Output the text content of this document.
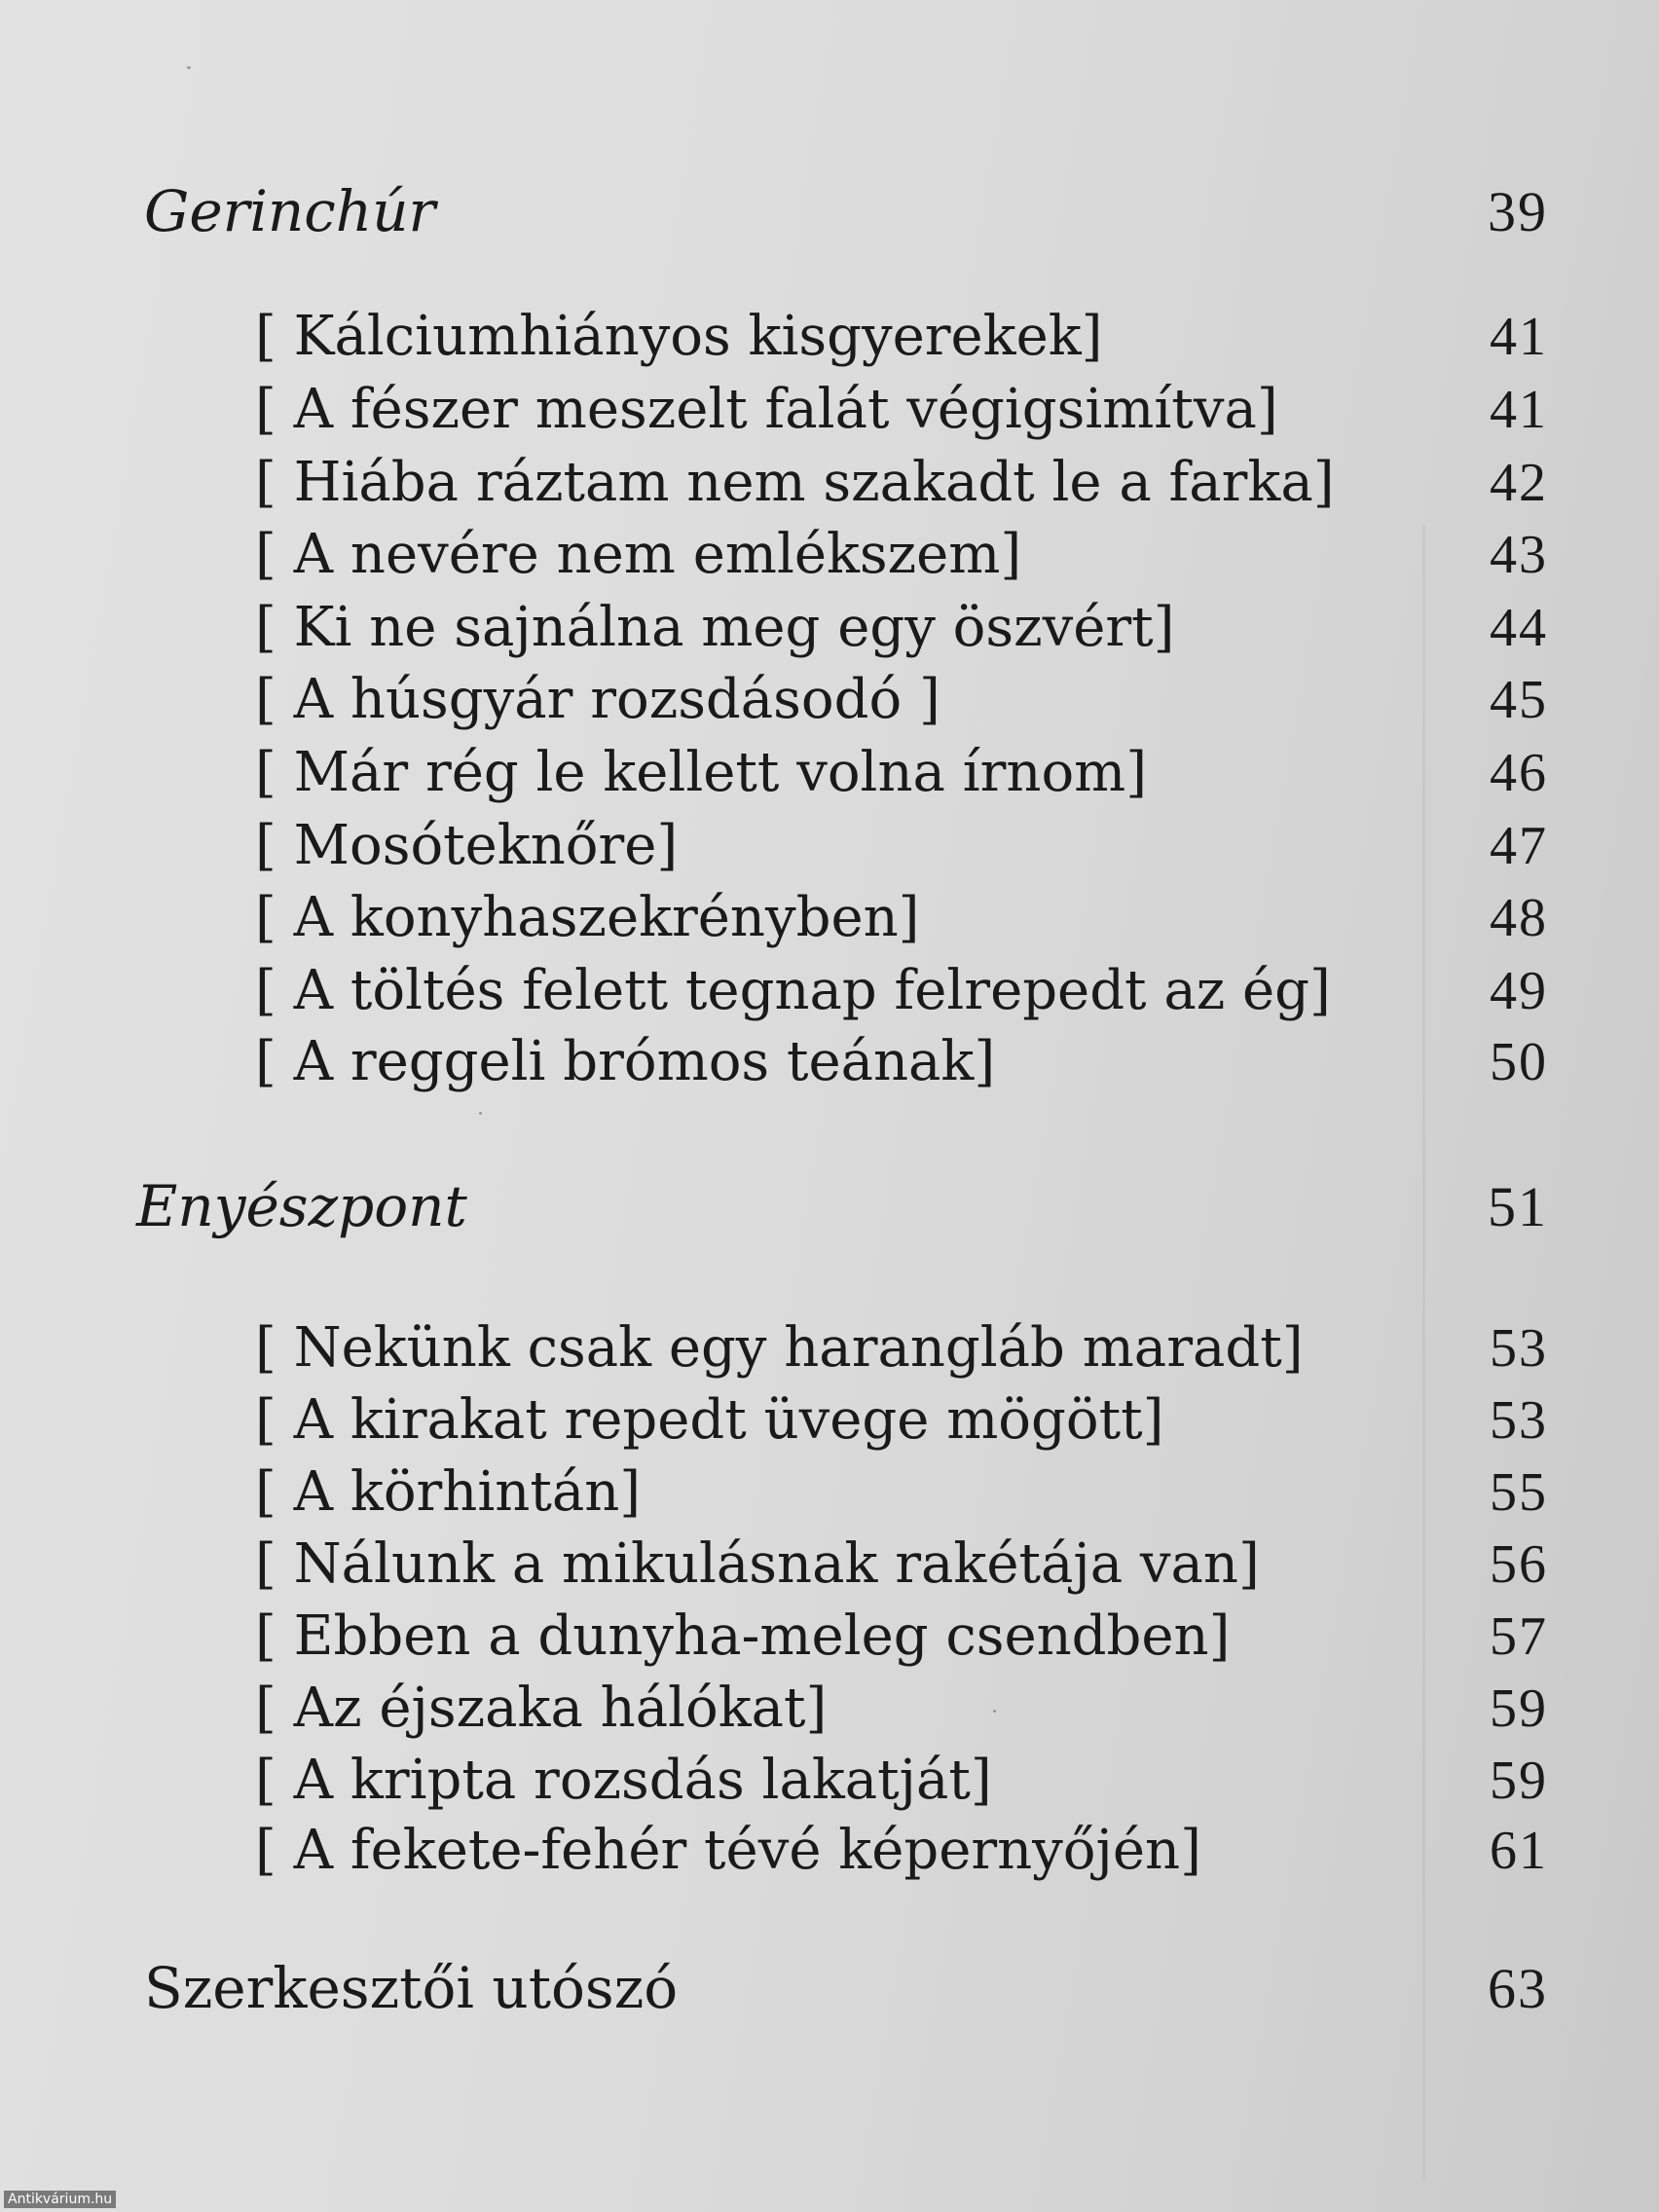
Gerinchúr	39
[ Kálciumhiányos kisgyerekek]	41
[ A fészer meszelt falát végigsimítva]	41
[ Hiába ráztam nem szakadt le a farka]	42
[ A nevére nem emlékszem]	43
[ Ki ne sajnálna meg egy öszvért]	44
[ A húsgyár rozsdásodó ]	45
[ Már rég le kellett volna írnom]	46
[ Mosóteknőre]	47
[ A konyhaszekrényben]	48
[ A töltés felett tegnap felrepedt az ég]	49
[ A reggeli brómos teának]	50
Enyészpont	51
[ Nekünk csak egy harangláb maradt]	53
[ A kirakat repedt üvege mögött]	53
[ A körhintán]	55
[ Nálunk a mikulásnak rakétája van]	56
[ Ebben a dunyha-meleg csendben]	57
[ Az éjszaka hálókat]	59
[ A kripta rozsdás lakatját]	59
[ A fekete-fehér tévé képernyőjén]	61
Szerkesztői utószó	63
Antikvárium.hu
